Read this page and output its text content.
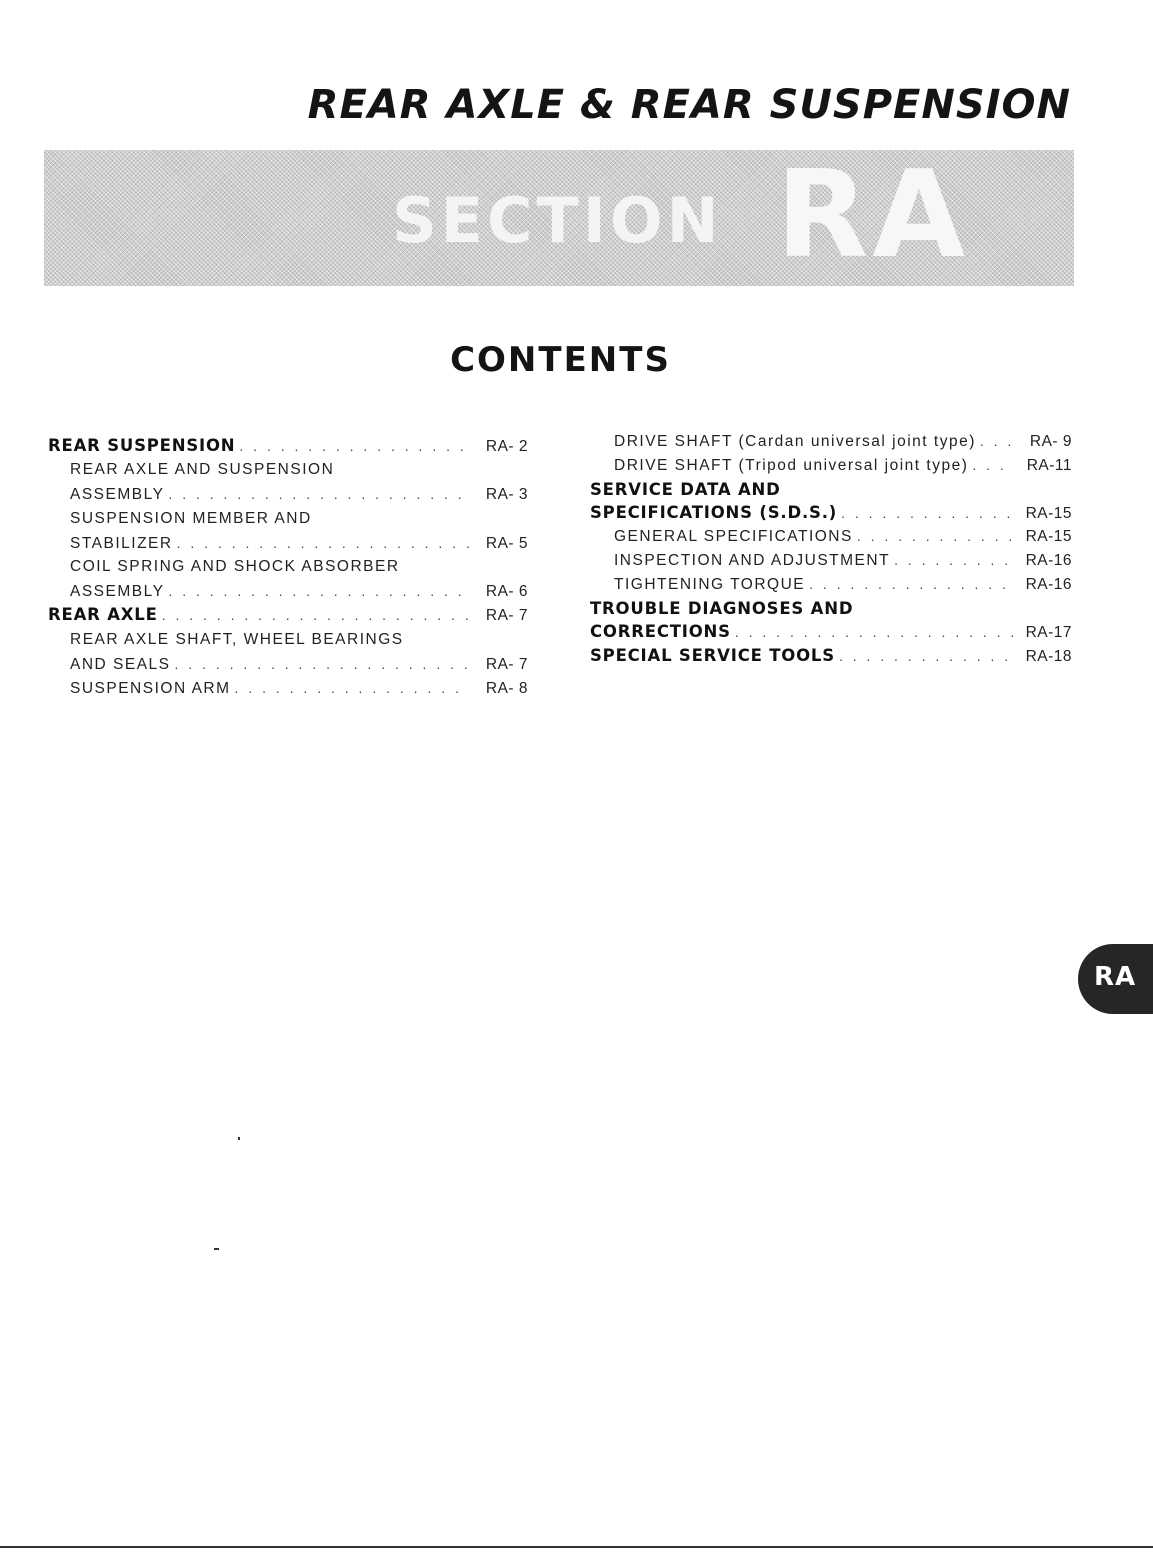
REAR AXLE & REAR SUSPENSION
SECTION RA
CONTENTS
REAR SUSPENSION . . .	RA- 2
REAR AXLE AND SUSPENSION
ASSEMBLY . . .	RA- 3
SUSPENSION MEMBER AND
STABILIZER . . .	RA- 5
COIL SPRING AND SHOCK ABSORBER
ASSEMBLY . . .	RA- 6
REAR AXLE . . .	RA- 7
REAR AXLE SHAFT, WHEEL BEARINGS
AND SEALS . . .	RA- 7
SUSPENSION ARM . . .	RA- 8
DRIVE SHAFT (Cardan universal joint type) . . .	RA- 9
DRIVE SHAFT (Tripod universal joint type) . . .	RA-11
SERVICE DATA AND
SPECIFICATIONS (S.D.S.) . . .	RA-15
GENERAL SPECIFICATIONS . . .	RA-15
INSPECTION AND ADJUSTMENT . . .	RA-16
TIGHTENING TORQUE . . .	RA-16
TROUBLE DIAGNOSES AND
CORRECTIONS . . .	RA-17
SPECIAL SERVICE TOOLS . . .	RA-18
RA
